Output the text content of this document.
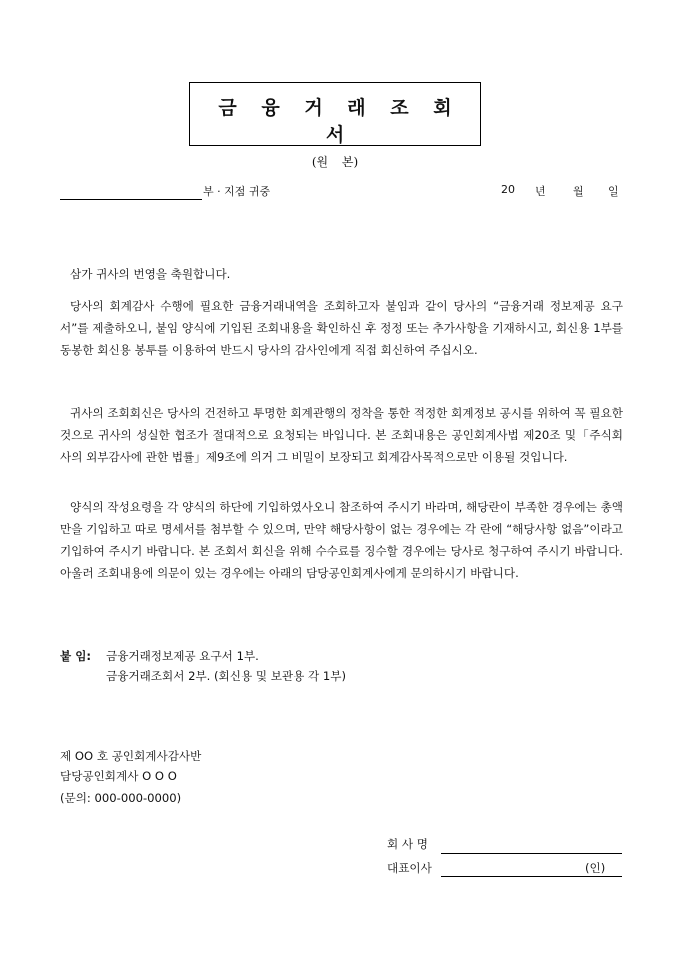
금 융 거 래 조 회 서
(원 본)
부 · 지점 귀중	20 년 월 일

삼가 귀사의 번영을 축원합니다.

당사의 회계감사 수행에 필요한 금융거래내역을 조회하고자 붙임과 같이 당사의 “금융거래 정보제공 요구서”를 제출하오니, 붙임 양식에 기입된 조회내용을 확인하신 후 정정 또는 추가사항을 기재하시고, 회신용 1부를 동봉한 회신용 봉투를 이용하여 반드시 당사의 감사인에게 직접 회신하여 주십시오.

귀사의 조회회신은 당사의 건전하고 투명한 회계관행의 정착을 통한 적정한 회계정보 공시를 위하여 꼭 필요한 것으로 귀사의 성실한 협조가 절대적으로 요청되는 바입니다. 본 조회내용은 공인회계사법 제20조 및「주식회사의 외부감사에 관한 법률」제9조에 의거 그 비밀이 보장되고 회계감사목적으로만 이용될 것입니다.

양식의 작성요령을 각 양식의 하단에 기입하였사오니 참조하여 주시기 바라며, 해당란이 부족한 경우에는 총액만을 기입하고 따로 명세서를 첨부할 수 있으며, 만약 해당사항이 없는 경우에는 각 란에 “해당사항 없음”이라고 기입하여 주시기 바랍니다. 본 조회서 회신을 위해 수수료를 징수할 경우에는 당사로 청구하여 주시기 바랍니다. 아울러 조회내용에 의문이 있는 경우에는 아래의 담당공인회계사에게 문의하시기 바랍니다.

붙 임: 금융거래정보제공 요구서 1부.
금융거래조회서 2부. (회신용 및 보관용 각 1부)
제 OO 호 공인회계사감사반
담당공인회계사 O O O
(문의: 000-000-0000)
회 사 명
대표이사	(인)
